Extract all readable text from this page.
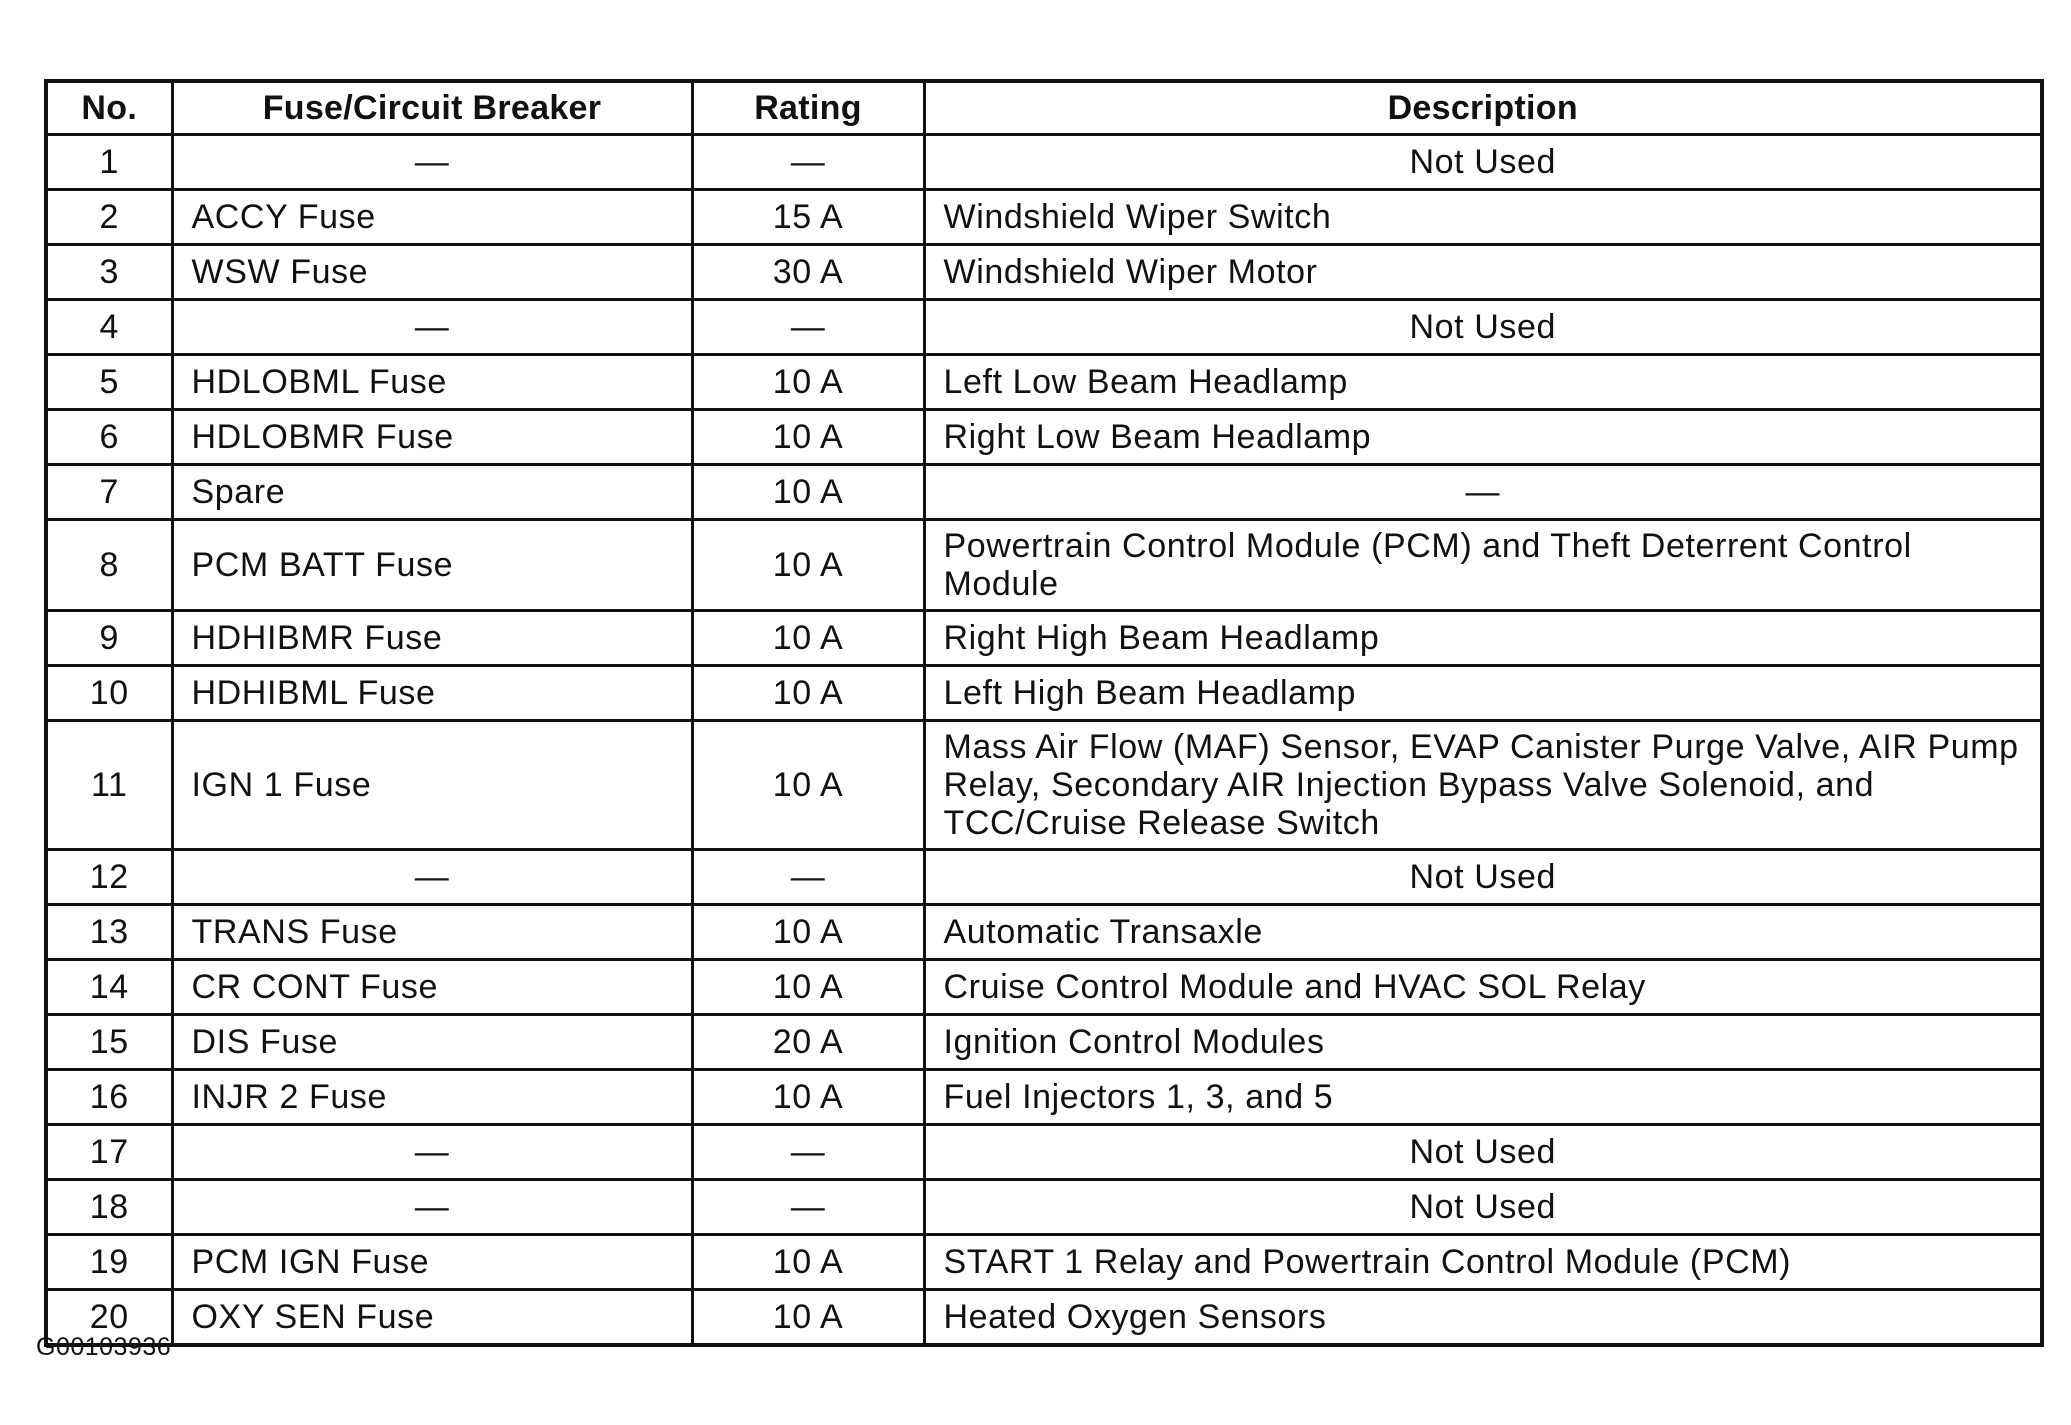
No.	Fuse/Circuit Breaker	Rating	Description
1	—	—	Not Used
2	ACCY Fuse	15 A	Windshield Wiper Switch
3	WSW Fuse	30 A	Windshield Wiper Motor
4	—	—	Not Used
5	HDLOBML Fuse	10 A	Left Low Beam Headlamp
6	HDLOBMR Fuse	10 A	Right Low Beam Headlamp
7	Spare	10 A	—
8	PCM BATT Fuse	10 A	Powertrain Control Module (PCM) and Theft Deterrent Control Module
9	HDHIBMR Fuse	10 A	Right High Beam Headlamp
10	HDHIBML Fuse	10 A	Left High Beam Headlamp
11	IGN 1 Fuse	10 A	Mass Air Flow (MAF) Sensor, EVAP Canister Purge Valve, AIR Pump Relay, Secondary AIR Injection Bypass Valve Solenoid, and TCC/Cruise Release Switch
12	—	—	Not Used
13	TRANS Fuse	10 A	Automatic Transaxle
14	CR CONT Fuse	10 A	Cruise Control Module and HVAC SOL Relay
15	DIS Fuse	20 A	Ignition Control Modules
16	INJR 2 Fuse	10 A	Fuel Injectors 1, 3, and 5
17	—	—	Not Used
18	—	—	Not Used
19	PCM IGN Fuse	10 A	START 1 Relay and Powertrain Control Module (PCM)
20	OXY SEN Fuse	10 A	Heated Oxygen Sensors
G00103936
